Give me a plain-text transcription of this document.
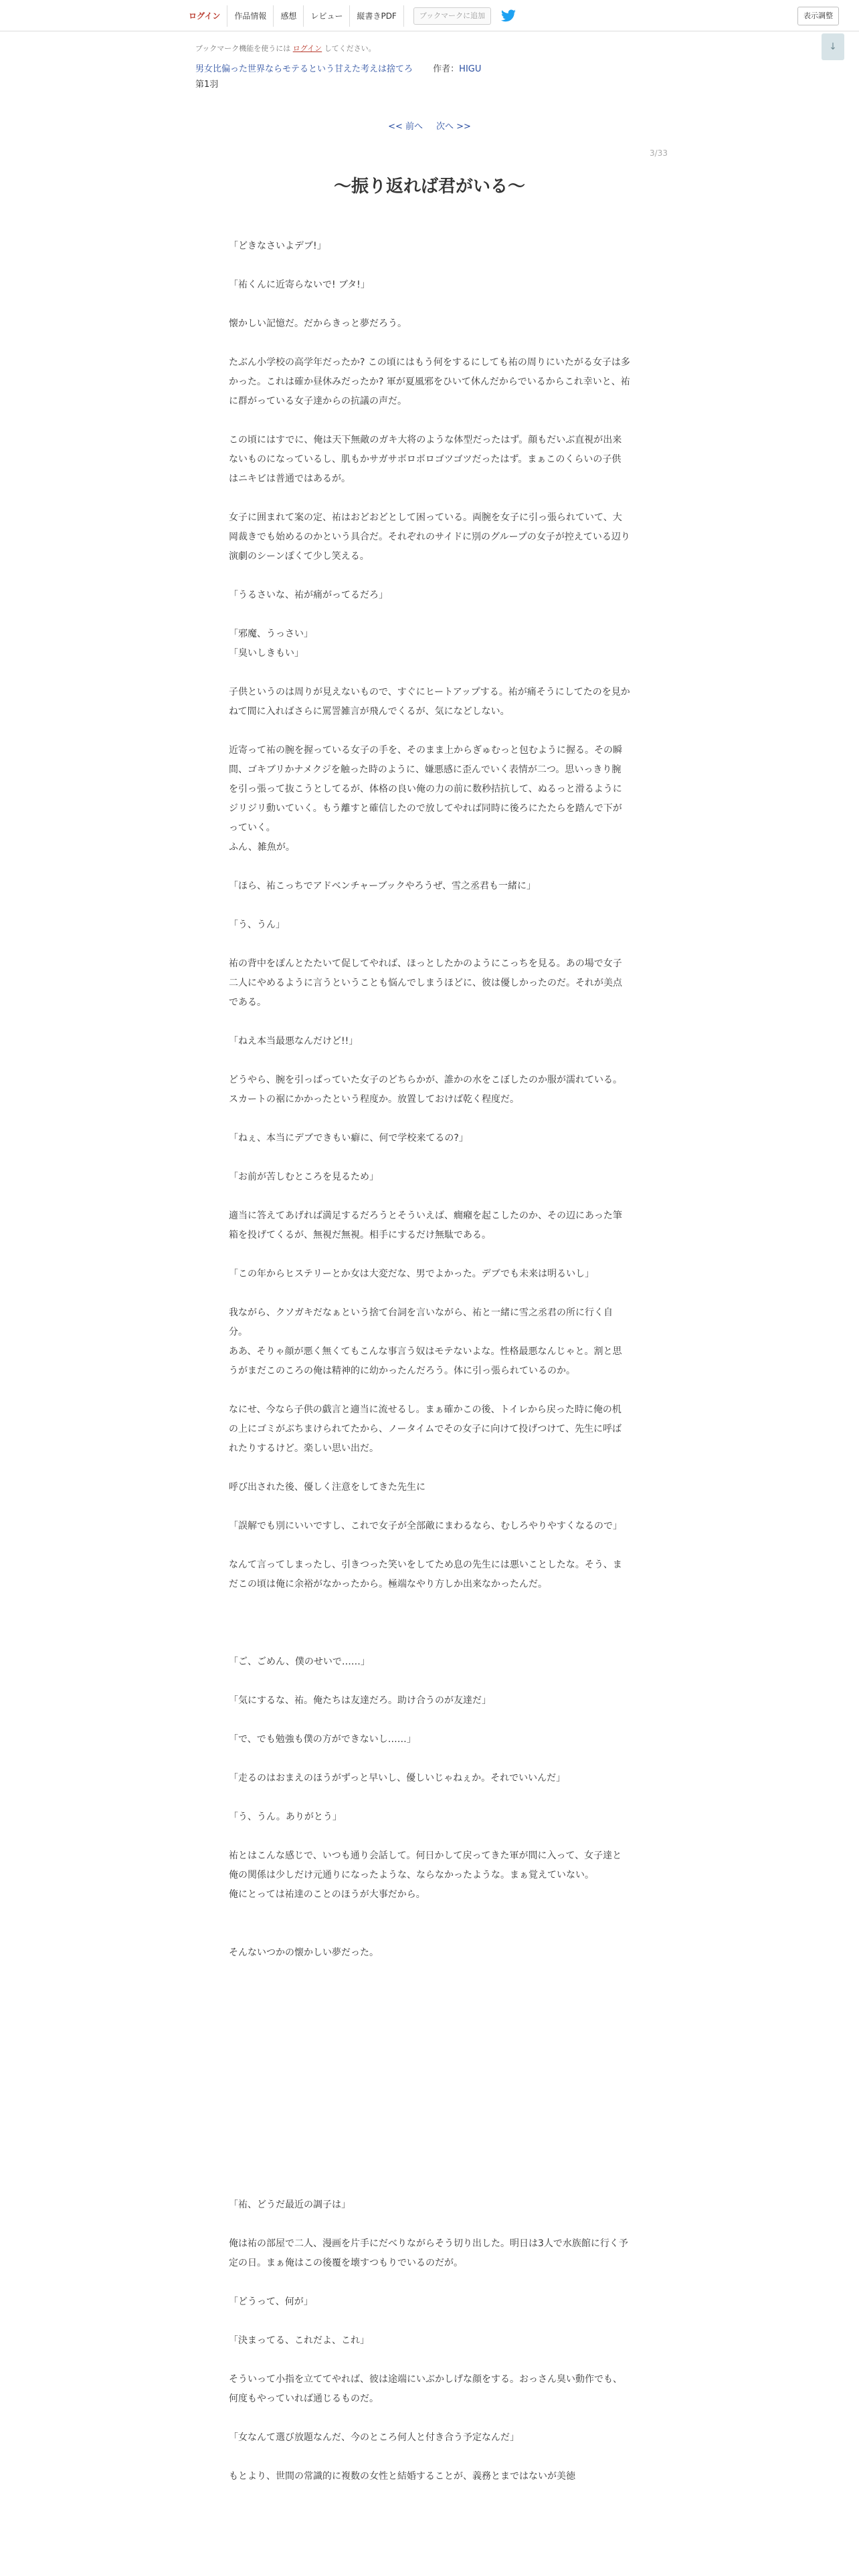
ログイン	作品情報	感想	レビュー	縦書きPDF	ブックマークに追加	表示調整
↓
ブックマーク機能を使うには ログイン してください。
男女比偏った世界ならモテるという甘えた考えは捨てろ 作者：HIGU
第1羽
<< 前へ 次へ >>
3/33
〜振り返れば君がいる〜
「どきなさいよデブ!」
「祐くんに近寄らないで! ブタ!」
懐かしい記憶だ。だからきっと夢だろう。
たぶん小学校の高学年だったか? この頃にはもう何をするにしても祐の周りにいたがる女子は多かった。これは確か昼休みだったか? 軍が夏風邪をひいて休んだからでいるからこれ幸いと、祐に群がっている女子達からの抗議の声だ。
この頃にはすでに、俺は天下無敵のガキ大将のような体型だったはず。顔もだいぶ直視が出来ないものになっているし、肌もかサガサボロボロゴツゴツだったはず。まぁこのくらいの子供はニキビは普通ではあるが。
女子に囲まれて案の定、祐はおどおどとして困っている。両腕を女子に引っ張られていて、大岡裁きでも始めるのかという具合だ。それぞれのサイドに別のグループの女子が控えている辺り演劇のシーンぽくて少し笑える。
「うるさいな、祐が痛がってるだろ」
「邪魔、うっさい」
「臭いしきもい」
子供というのは周りが見えないもので、すぐにヒートアップする。祐が痛そうにしてたのを見かねて間に入ればさらに罵詈雑言が飛んでくるが、気になどしない。
近寄って祐の腕を握っている女子の手を、そのまま上からぎゅむっと包むように握る。その瞬間、ゴキブリかナメクジを触った時のように、嫌悪感に歪んでいく表情が二つ。思いっきり腕を引っ張って抜こうとしてるが、体格の良い俺の力の前に数秒拮抗して、ぬるっと滑るようにジリジリ動いていく。もう離すと確信したので放してやれば同時に後ろにたたらを踏んで下がっていく。
ふん、雑魚が。
「ほら、祐こっちでアドベンチャーブックやろうぜ、雪之丞君も一緒に」
「う、うん」
祐の背中をぽんとたたいて促してやれば、ほっとしたかのようにこっちを見る。あの場で女子二人にやめるように言うということも悩んでしまうほどに、彼は優しかったのだ。それが美点である。
「ねえ本当最悪なんだけど!!」
どうやら、腕を引っぱっていた女子のどちらかが、誰かの水をこぼしたのか服が濡れている。スカートの裾にかかったという程度か。放置しておけば乾く程度だ。
「ねぇ、本当にデブできもい癖に、何で学校来てるの?」
「お前が苦しむところを見るため」
適当に答えてあげれば満足するだろうとそういえば、癇癪を起こしたのか、その辺にあった筆箱を投げてくるが、無視だ無視。相手にするだけ無駄である。
「この年からヒステリーとか女は大変だな、男でよかった。デブでも未来は明るいし」
我ながら、クソガキだなぁという捨て台詞を言いながら、祐と一緒に雪之丞君の所に行く自分。
ああ、そりゃ顔が悪く無くてもこんな事言う奴はモテないよな。性格最悪なんじゃと。割と思うがまだこのころの俺は精神的に幼かったんだろう。体に引っ張られているのか。
なにせ、今なら子供の戯言と適当に流せるし。まぁ確かこの後、トイレから戻った時に俺の机の上にゴミがぶちまけられてたから、ノータイムでその女子に向けて投げつけて、先生に呼ばれたりするけど。楽しい思い出だ。
呼び出された後、優しく注意をしてきた先生に
「誤解でも別にいいですし、これで女子が全部敵にまわるなら、むしろやりやすくなるので」
なんて言ってしまったし、引きつった笑いをしてため息の先生には悪いことしたな。そう、まだこの頃は俺に余裕がなかったから。極端なやり方しか出来なかったんだ。
「ご、ごめん、僕のせいで……」
「気にするな、祐。俺たちは友達だろ。助け合うのが友達だ」
「で、でも勉強も僕の方ができないし……」
「走るのはおまえのほうがずっと早いし、優しいじゃねぇか。それでいいんだ」
「う、うん。ありがとう」
祐とはこんな感じで、いつも通り会話して。何日かして戻ってきた軍が間に入って、女子達と俺の関係は少しだけ元通りになったような、ならなかったような。まぁ覚えていない。
俺にとっては祐達のことのほうが大事だから。
そんないつかの懐かしい夢だった。
「祐、どうだ最近の調子は」
俺は祐の部屋で二人、漫画を片手にだべりながらそう切り出した。明日は3人で水族館に行く予定の日。まぁ俺はこの後覆を壊すつもりでいるのだが。
「どうって、何が」
「決まってる、これだよ、これ」
そういって小指を立ててやれば、彼は途端にいぶかしげな顔をする。おっさん臭い動作でも、何度もやっていれば通じるものだ。
「女なんて選び放題なんだ、今のところ何人と付き合う予定なんだ」
もとより、世間の常識的に複数の女性と結婚することが、義務とまではないが美徳
